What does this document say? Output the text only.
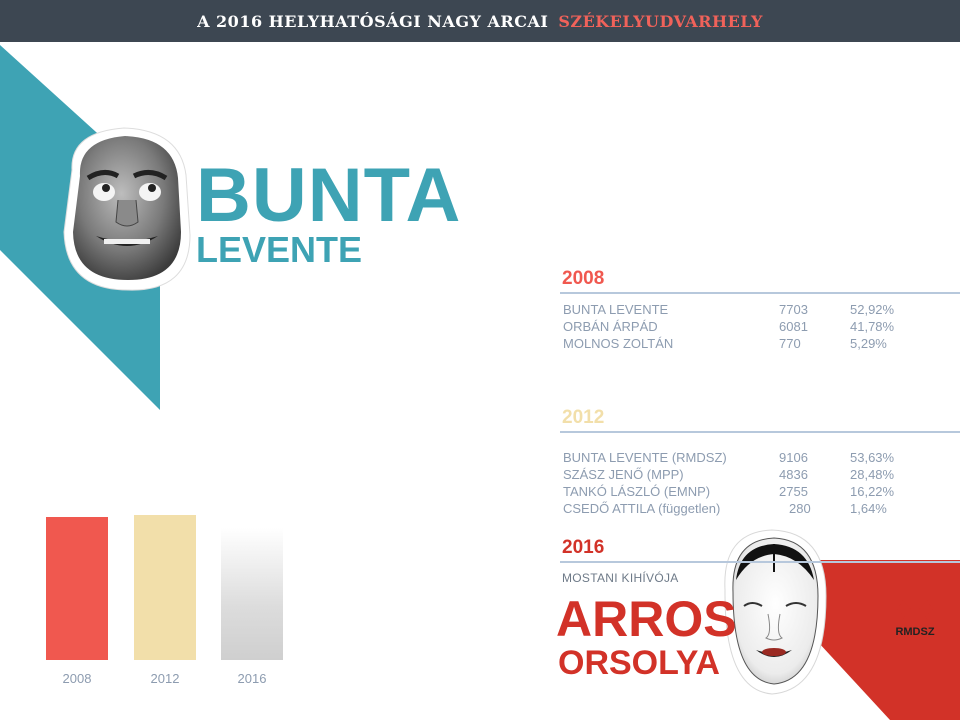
A 2016 HELYHATÓSÁGI NAGY ARCAI SZÉKELYUDVARHELY
BUNTA
LEVENTE
2008
BUNTA LEVENTE	7703	52,92%
ORBÁN ÁRPÁD	6081	41,78%
MOLNOS ZOLTÁN	770	5,29%
2012
BUNTA LEVENTE (RMDSZ)	9106	53,63%
SZÁSZ JENŐ (MPP)	4836	28,48%
TANKÓ LÁSZLÓ (EMNP)	2755	16,22%
CSEDŐ ATTILA (független)	280	1,64%
2016
MOSTANI KIHÍVÓJA
ARROS
ORSOLYA
RMDSZ
2008	2012	2016
